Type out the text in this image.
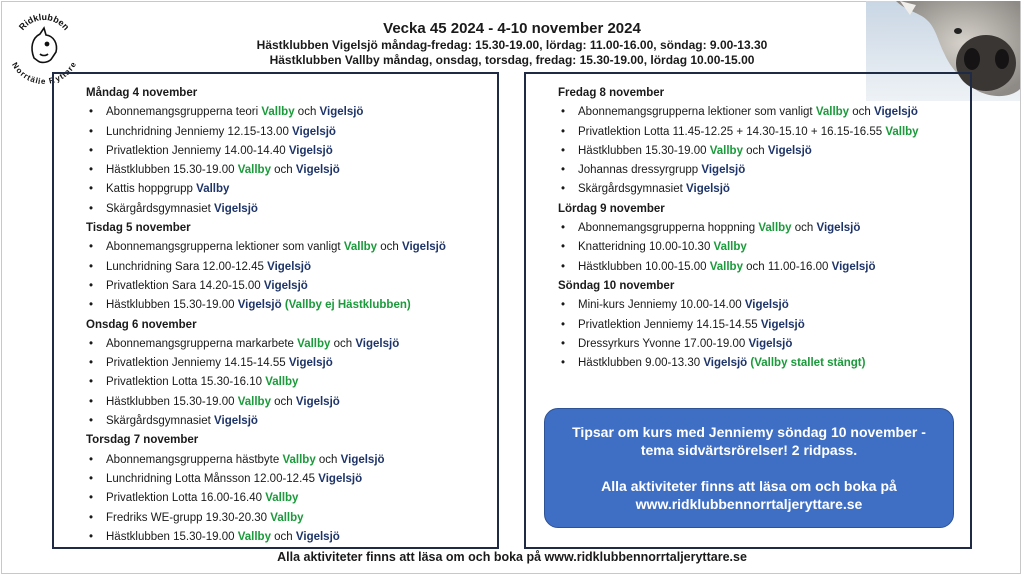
Ridklubben
Norrtälje Ryttare
Vecka 45 2024 - 4-10 november 2024
Hästklubben Vigelsjö måndag-fredag: 15.30-19.00, lördag: 11.00-16.00, söndag: 9.00-13.30
Hästklubben Vallby måndag, onsdag, torsdag, fredag: 15.30-19.00, lördag 10.00-15.00
Måndag 4 november
• Abonnemangsgrupperna teori Vallby och Vigelsjö
• Lunchridning Jenniemy 12.15-13.00 Vigelsjö
• Privatlektion Jenniemy 14.00-14.40 Vigelsjö
• Hästklubben 15.30-19.00 Vallby och Vigelsjö
• Kattis hoppgrupp Vallby
• Skärgårdsgymnasiet Vigelsjö
Tisdag 5 november
• Abonnemangsgrupperna lektioner som vanligt Vallby och Vigelsjö
• Lunchridning Sara 12.00-12.45 Vigelsjö
• Privatlektion Sara 14.20-15.00 Vigelsjö
• Hästklubben 15.30-19.00 Vigelsjö (Vallby ej Hästklubben)
Onsdag 6 november
• Abonnemangsgrupperna markarbete Vallby och Vigelsjö
• Privatlektion Jenniemy 14.15-14.55 Vigelsjö
• Privatlektion Lotta 15.30-16.10 Vallby
• Hästklubben 15.30-19.00 Vallby och Vigelsjö
• Skärgårdsgymnasiet Vigelsjö
Torsdag 7 november
• Abonnemangsgrupperna hästbyte Vallby och Vigelsjö
• Lunchridning Lotta Månsson 12.00-12.45 Vigelsjö
• Privatlektion Lotta 16.00-16.40 Vallby
• Fredriks WE-grupp 19.30-20.30 Vallby
• Hästklubben 15.30-19.00 Vallby och Vigelsjö
Fredag 8 november
• Abonnemangsgrupperna lektioner som vanligt Vallby och Vigelsjö
• Privatlektion Lotta 11.45-12.25 + 14.30-15.10 + 16.15-16.55 Vallby
• Hästklubben 15.30-19.00 Vallby och Vigelsjö
• Johannas dressyrgrupp Vigelsjö
• Skärgårdsgymnasiet Vigelsjö
Lördag 9 november
• Abonnemangsgrupperna hoppning Vallby och Vigelsjö
• Knatteridning 10.00-10.30 Vallby
• Hästklubben 10.00-15.00 Vallby och 11.00-16.00 Vigelsjö
Söndag 10 november
• Mini-kurs Jenniemy 10.00-14.00 Vigelsjö
• Privatlektion Jenniemy 14.15-14.55 Vigelsjö
• Dressyrkurs Yvonne 17.00-19.00 Vigelsjö
• Hästklubben 9.00-13.30 Vigelsjö (Vallby stallet stängt)

Tipsar om kurs med Jenniemy söndag 10 november -

tema sidvärtsrörelser! 2 ridpass.

Alla aktiviteter finns att läsa om och boka på

www.ridklubbennorrtaljeryttare.se

Alla aktiviteter finns att läsa om och boka på www.ridklubbennorrtaljeryttare.se
